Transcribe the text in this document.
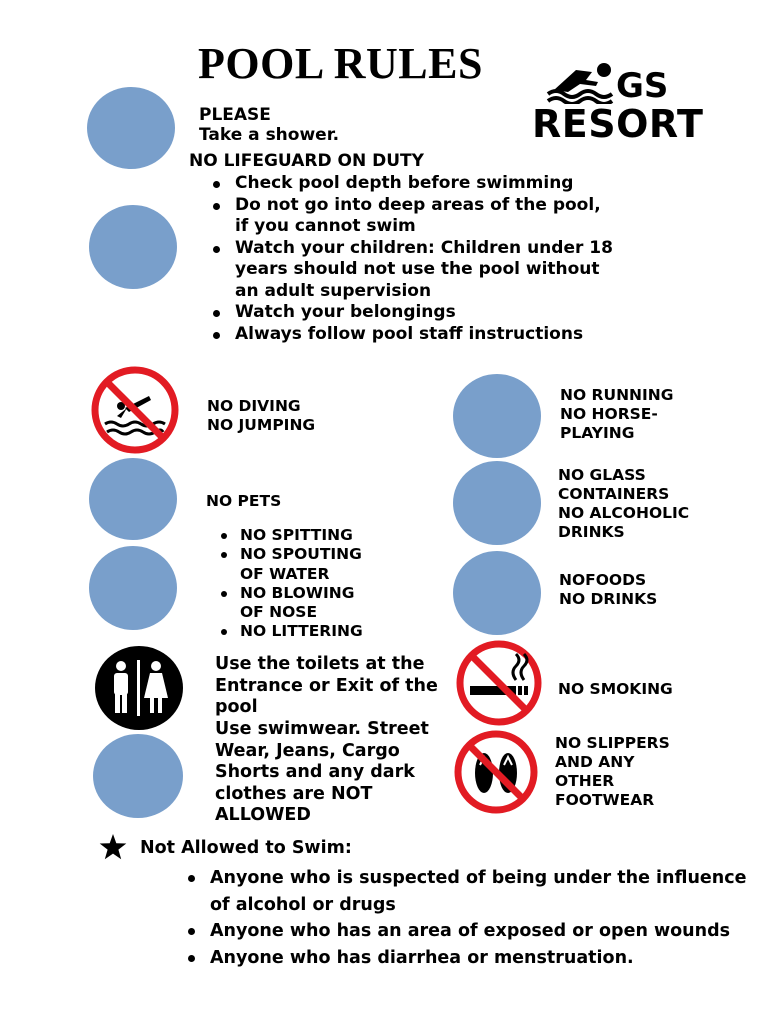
POOL RULES	GS
RESORT
PLEASE
Take a shower.
NO LIFEGUARD ON DUTY
Check pool depth before swimming
Do not go into deep areas of the pool,
if you cannot swim
Watch your children: Children under 18
years should not use the pool without
an adult supervision
Watch your belongings
Always follow pool staff instructions
NO DIVING
NO JUMPING
NO RUNNING
NO HORSE-
PLAYING
NO PETS
NO GLASS
CONTAINERS
NO ALCOHOLIC
DRINKS
NO SPITTING
NO SPOUTING
OF WATER
NO BLOWING
OF NOSE
NO LITTERING
NOFOODS
NO DRINKS
Use the toilets at the
Entrance or Exit of the
pool
NO SMOKING
Use swimwear. Street
Wear, Jeans, Cargo
Shorts and any dark
clothes are NOT
ALLOWED
NO SLIPPERS
AND ANY
OTHER
FOOTWEAR
Not Allowed to Swim:
Anyone who is suspected of being under the influence
of alcohol or drugs
Anyone who has an area of exposed or open wounds
Anyone who has diarrhea or menstruation.
